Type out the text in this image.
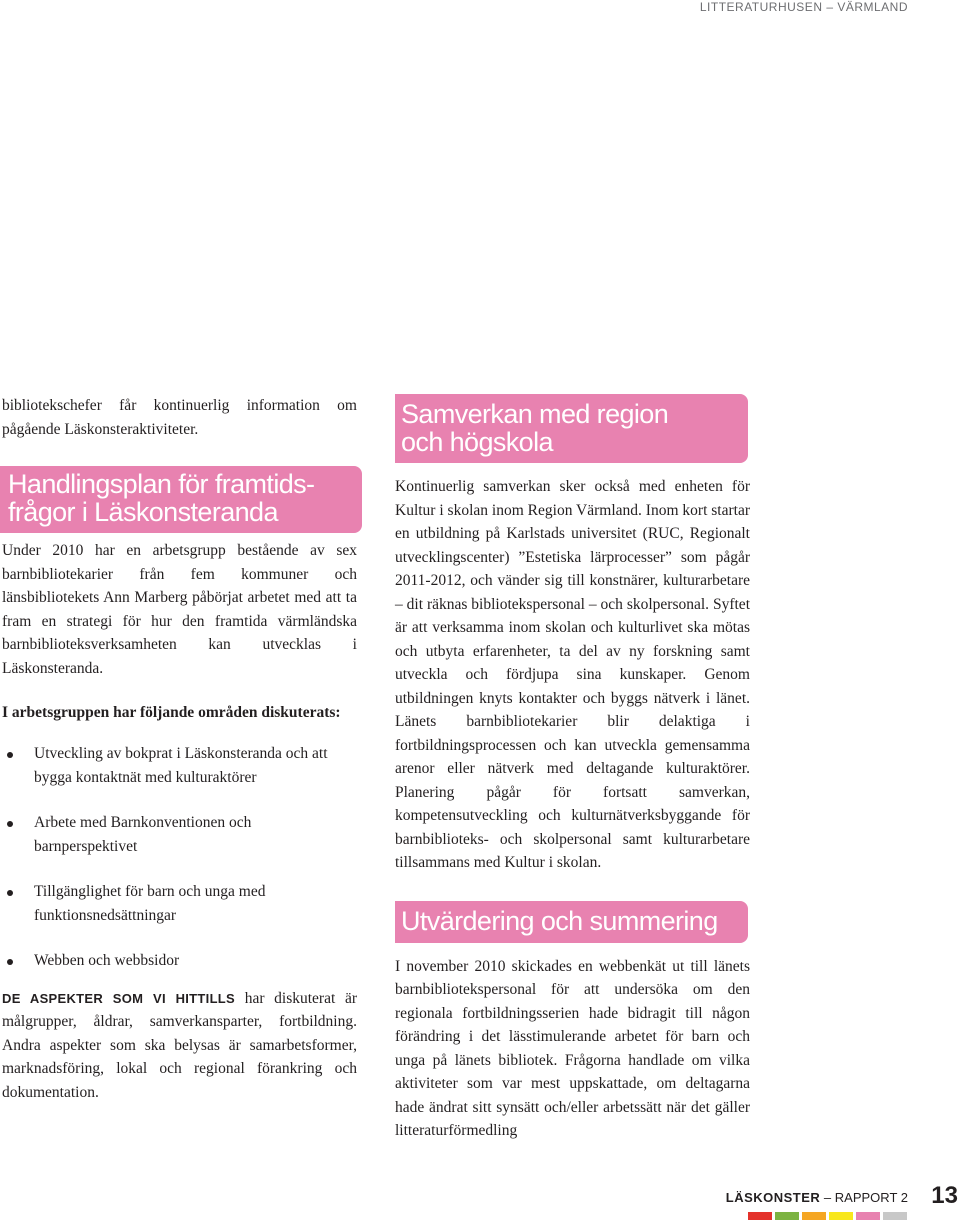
LITTERATURHUSEN – VÄRMLAND

bibliotekschefer får kontinuerlig information om pågående Läskonsteraktiviteter.

Handlingsplan för framtids-
frågor i Läskonsteranda

Under 2010 har en arbetsgrupp bestående av sex barnbibliotekarier från fem kommuner och länsbibliotekets Ann Marberg påbörjat arbetet med att ta fram en strategi för hur den framtida värmländska barnbiblioteksverksamheten kan utvecklas i Läskonsteranda.

I arbetsgruppen har följande områden diskuterats:

Utveckling av bokprat i Läskonsteranda och att bygga kontaktnät med kulturaktörer
Arbete med Barnkonventionen och barnperspektivet
Tillgänglighet för barn och unga med funktionsnedsättningar
Webben och webbsidor

DE ASPEKTER SOM VI HITTILLS har diskuterat är målgrupper, åldrar, samverkansparter, fortbildning. Andra aspekter som ska belysas är samarbetsformer, marknadsföring, lokal och regional förankring och dokumentation.

Samverkan med region
och högskola

Kontinuerlig samverkan sker också med enheten för Kultur i skolan inom Region Värmland. Inom kort startar en utbildning på Karlstads universitet (RUC, Regionalt utvecklingscenter) ”Estetiska lärprocesser” som pågår 2011-2012, och vänder sig till konstnärer, kulturarbetare – dit räknas bibliotekspersonal – och skolpersonal. Syftet är att verksamma inom skolan och kulturlivet ska mötas och utbyta erfarenheter, ta del av ny forskning samt utveckla och fördjupa sina kunskaper. Genom utbildningen knyts kontakter och byggs nätverk i länet. Länets barnbibliotekarier blir delaktiga i fortbildningsprocessen och kan utveckla gemensamma arenor eller nätverk med deltagande kulturaktörer. Planering pågår för fortsatt samverkan, kompetensutveckling och kulturnätverksbyggande för barnbiblioteks- och skolpersonal samt kulturarbetare tillsammans med Kultur i skolan.

Utvärdering och summering

I november 2010 skickades en webbenkät ut till länets barnbibliotekspersonal för att undersöka om den regionala fortbildningsserien hade bidragit till någon förändring i det lässtimulerande arbetet för barn och unga på länets bibliotek. Frågorna handlade om vilka aktiviteter som var mest uppskattade, om deltagarna hade ändrat sitt synsätt och/eller arbetssätt när det gäller litteraturförmedling

LÄSKONSTER – RAPPORT 2 13
